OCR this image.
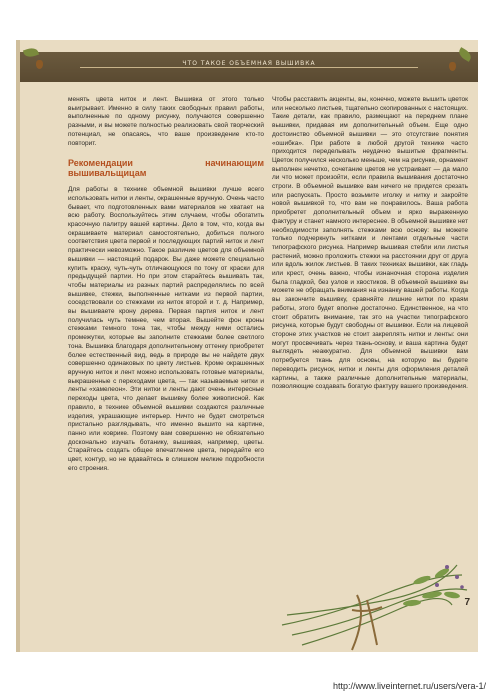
ЧТО ТАКОЕ ОБЪЕМНАЯ ВЫШИВКА

менять цвета ниток и лент. Вышивка от этого только выигрывает. Именно в силу таких свободных правил работы, выполненные по одному рисунку, получаются совершенно разными, и вы можете полностью реализовать свой творческий потенциал, не опасаясь, что ваше произведение кто-то повторит.

Рекомендации начинающим вышивальщицам

Для работы в технике объемной вышивки лучше всего использовать нитки и ленты, окрашенные вручную. Очень часто бывает, что подготовленных вами материалов не хватает на всю работу. Воспользуйтесь этим случаем, чтобы обогатить красочную палитру вашей картины. Дело в том, что, когда вы окрашиваете материал самостоятельно, добиться полного соответствия цвета первой и последующих партий ниток и лент практически невозможно. Такое различие цветов для объемной вышивки — настоящий подарок. Вы даже можете специально купить краску, чуть-чуть отличающуюся по тону от краски для предыдущей партии. Но при этом старайтесь вышивать так, чтобы материалы из разных партий распределялись по всей вышивке, стежки, выполненные нитками из первой партии, соседствовали со стежками из ниток второй и т. д. Например, вы вышиваете крону дерева. Первая партия ниток и лент получилась чуть темнее, чем вторая. Вышейте фон кроны стежками темного тона так, чтобы между ними остались промежутки, которые вы заполните стежками более светлого тона. Вышивка благодаря дополнительному оттенку приобретет более естественный вид, ведь в природе вы не найдете двух совершенно одинаковых по цвету листьев. Кроме окрашенных вручную ниток и лент можно использовать готовые материалы, выкрашенные с переходами цвета, — так называемые нитки и ленты «хамелеон». Эти нитки и ленты дают очень интересные переходы цвета, что делает вышивку более живописной. Как правило, в технике объемной вышивки создаются различные изделия, украшающие интерьер. Ничто не будет смотреться пристально разглядывать, что именно вышито на картине, панно или коврике. Поэтому вам совершенно не обязательно досконально изучать ботанику, вышивая, например, цветы. Старайтесь создать общее впечатление цвета, передайте его цвет, контур, но не вдавайтесь в слишком мелкие подробности его строения.

Чтобы расставить акценты, вы, конечно, можете вышить цветок или несколько листьев, тщательно скопированных с настоящих. Такие детали, как правило, размещают на переднем плане вышивки, придавая им дополнительный объем. Еще одно достоинство объемной вышивки — это отсутствие понятия «ошибка». При работе в любой другой технике часто приходится переделывать неудачно вышитые фрагменты. Цветок получился несколько меньше, чем на рисунке, орнамент выполнен нечетко, сочетание цветов не устраивает — да мало ли что может произойти, если правила вышивания достаточно строги. В объемной вышивке вам ничего не придется срезать или распускать. Просто возьмите иголку и нитку и закройте новой вышивкой то, что вам не понравилось. Ваша работа приобретет дополнительный объем и ярко выраженную фактуру и станет намного интереснее. В объемной вышивке нет необходимости заполнять стежками всю основу: вы можете только подчеркнуть нитками и лентами отдельные части типографского рисунка. Например вышивая стебли или листья растений, можно проложить стежки на расстоянии друг от друга или вдоль жилок листьев. В таких техниках вышивки, как гладь или крест, очень важно, чтобы изнаночная сторона изделия была гладкой, без узлов и хвостиков. В объемной вышивке вы можете не обращать внимания на изнанку вашей работы. Когда вы закончите вышивку, сравняйте лишние нитки по краям работы, этого будет вполне достаточно. Единственное, на что стоит обратить внимание, так это на участки типографского рисунка, которые будут свободны от вышивки. Если на лицевой стороне этих участков не стоит закреплять нитки и ленты: они могут просвечивать через ткань-основу, и ваша картина будет выглядеть неаккуратно. Для объемной вышивки вам потребуется ткань для основы, на которую вы будете переводить рисунок, нитки и ленты для оформления деталей картины, а также различные дополнительные материалы, позволяющие создавать богатую фактуру вашего произведения.

7
http://www.liveinternet.ru/users/vera-1/
